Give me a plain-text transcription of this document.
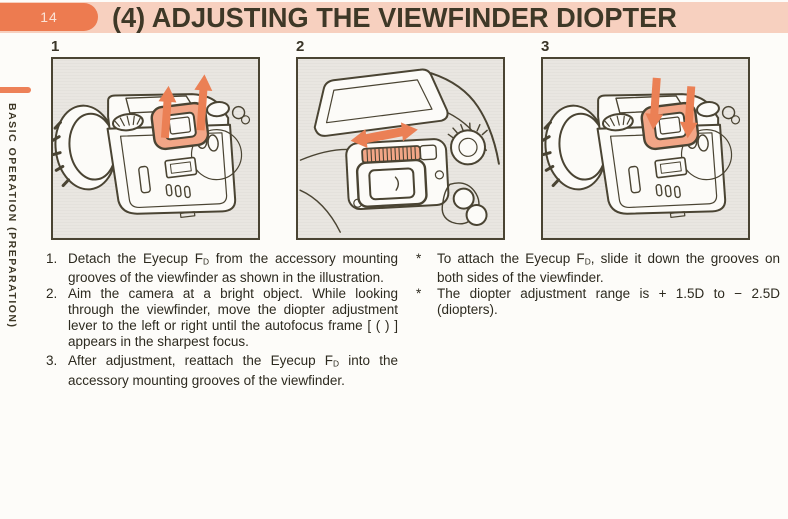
14 (4) ADJUSTING THE VIEWFINDER DIOPTER
BASIC OPERATION (PREPARATION)
1	2	3
1. Detach the Eyecup FD from the accessory mounting grooves of the viewfinder as shown in the illustration.
2. Aim the camera at a bright object. While looking through the viewfinder, move the diopter adjustment lever to the left or right until the autofocus frame [ ( ) ] appears in the sharpest focus.
3. After adjustment, reattach the Eyecup FD into the accessory mounting grooves of the viewfinder.
*	To attach the Eyecup FD, slide it down the grooves on both sides of the viewfinder.
*	The diopter adjustment range is + 1.5D to − 2.5D (diopters).
